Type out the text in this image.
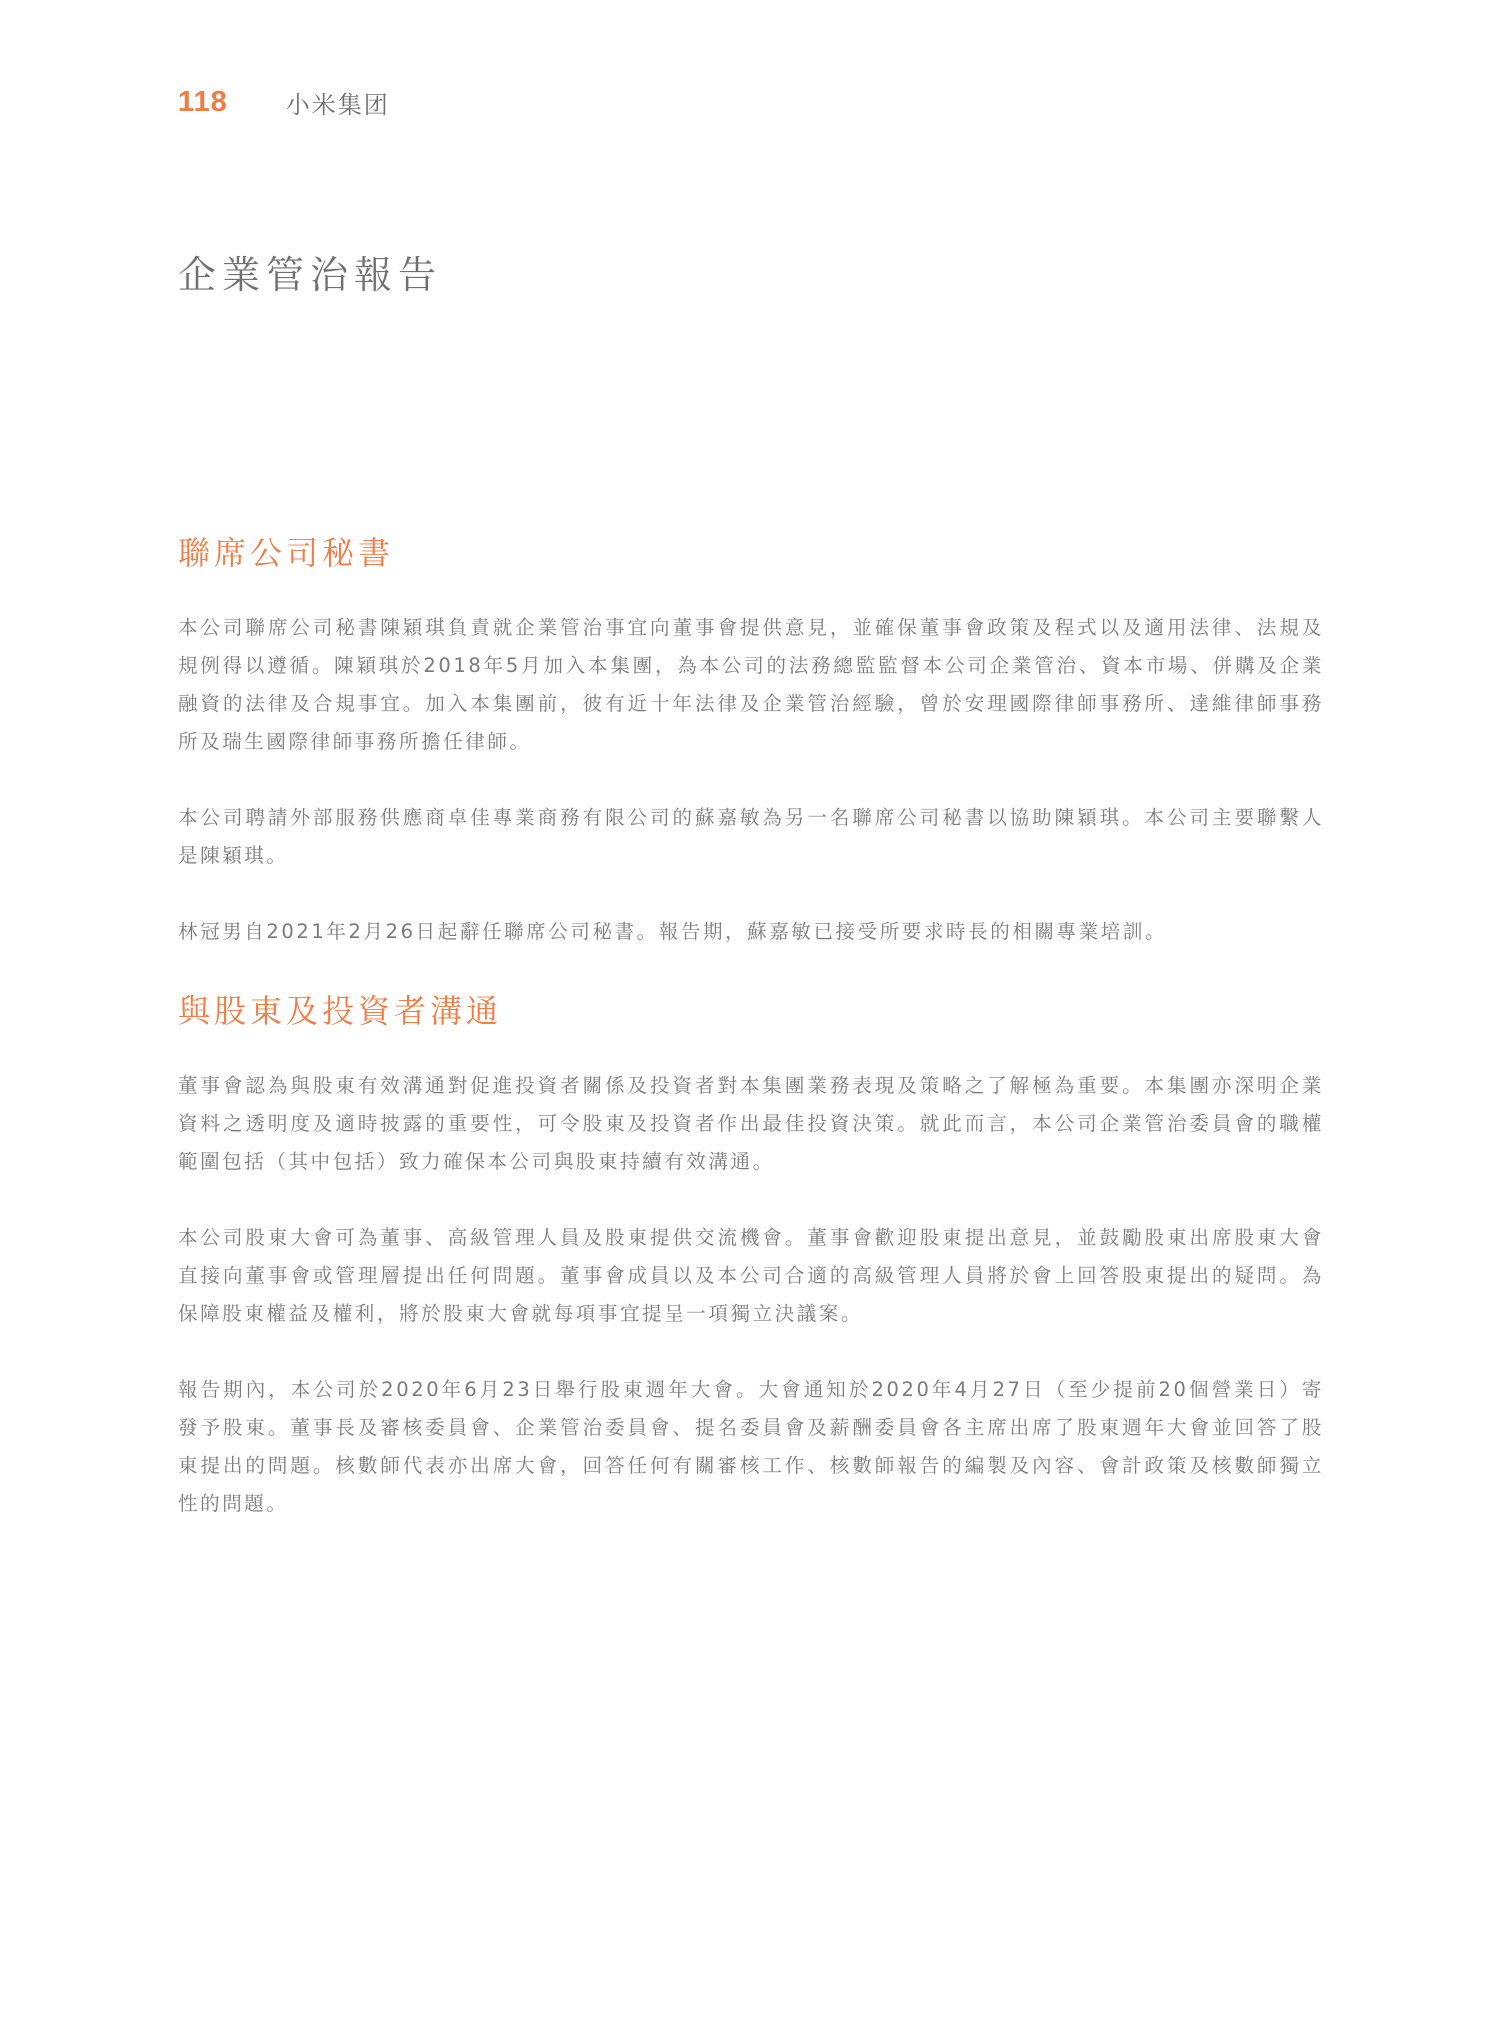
118 小米集团
企業管治報告
聯席公司秘書

本公司聯席公司秘書陳穎琪負責就企業管治事宜向董事會提供意見，並確保董事會政策及程式以及適用法律、法規及規例得以遵循。陳穎琪於2018年5月加入本集團，為本公司的法務總監監督本公司企業管治、資本市場、併購及企業融資的法律及合規事宜。加入本集團前，彼有近十年法律及企業管治經驗，曾於安理國際律師事務所、達維律師事務所及瑞生國際律師事務所擔任律師。

本公司聘請外部服務供應商卓佳專業商務有限公司的蘇嘉敏為另一名聯席公司秘書以協助陳穎琪。本公司主要聯繫人是陳穎琪。

林冠男自2021年2月26日起辭任聯席公司秘書。報告期，蘇嘉敏已接受所要求時長的相關專業培訓。

與股東及投資者溝通

董事會認為與股東有效溝通對促進投資者關係及投資者對本集團業務表現及策略之了解極為重要。本集團亦深明企業資料之透明度及適時披露的重要性，可令股東及投資者作出最佳投資決策。就此而言，本公司企業管治委員會的職權範圍包括（其中包括）致力確保本公司與股東持續有效溝通。

本公司股東大會可為董事、高級管理人員及股東提供交流機會。董事會歡迎股東提出意見，並鼓勵股東出席股東大會直接向董事會或管理層提出任何問題。董事會成員以及本公司合適的高級管理人員將於會上回答股東提出的疑問。為保障股東權益及權利，將於股東大會就每項事宜提呈一項獨立決議案。

報告期內，本公司於2020年6月23日舉行股東週年大會。大會通知於2020年4月27日（至少提前20個營業日）寄發予股東。董事長及審核委員會、企業管治委員會、提名委員會及薪酬委員會各主席出席了股東週年大會並回答了股東提出的問題。核數師代表亦出席大會，回答任何有關審核工作、核數師報告的編製及內容、會計政策及核數師獨立性的問題。
